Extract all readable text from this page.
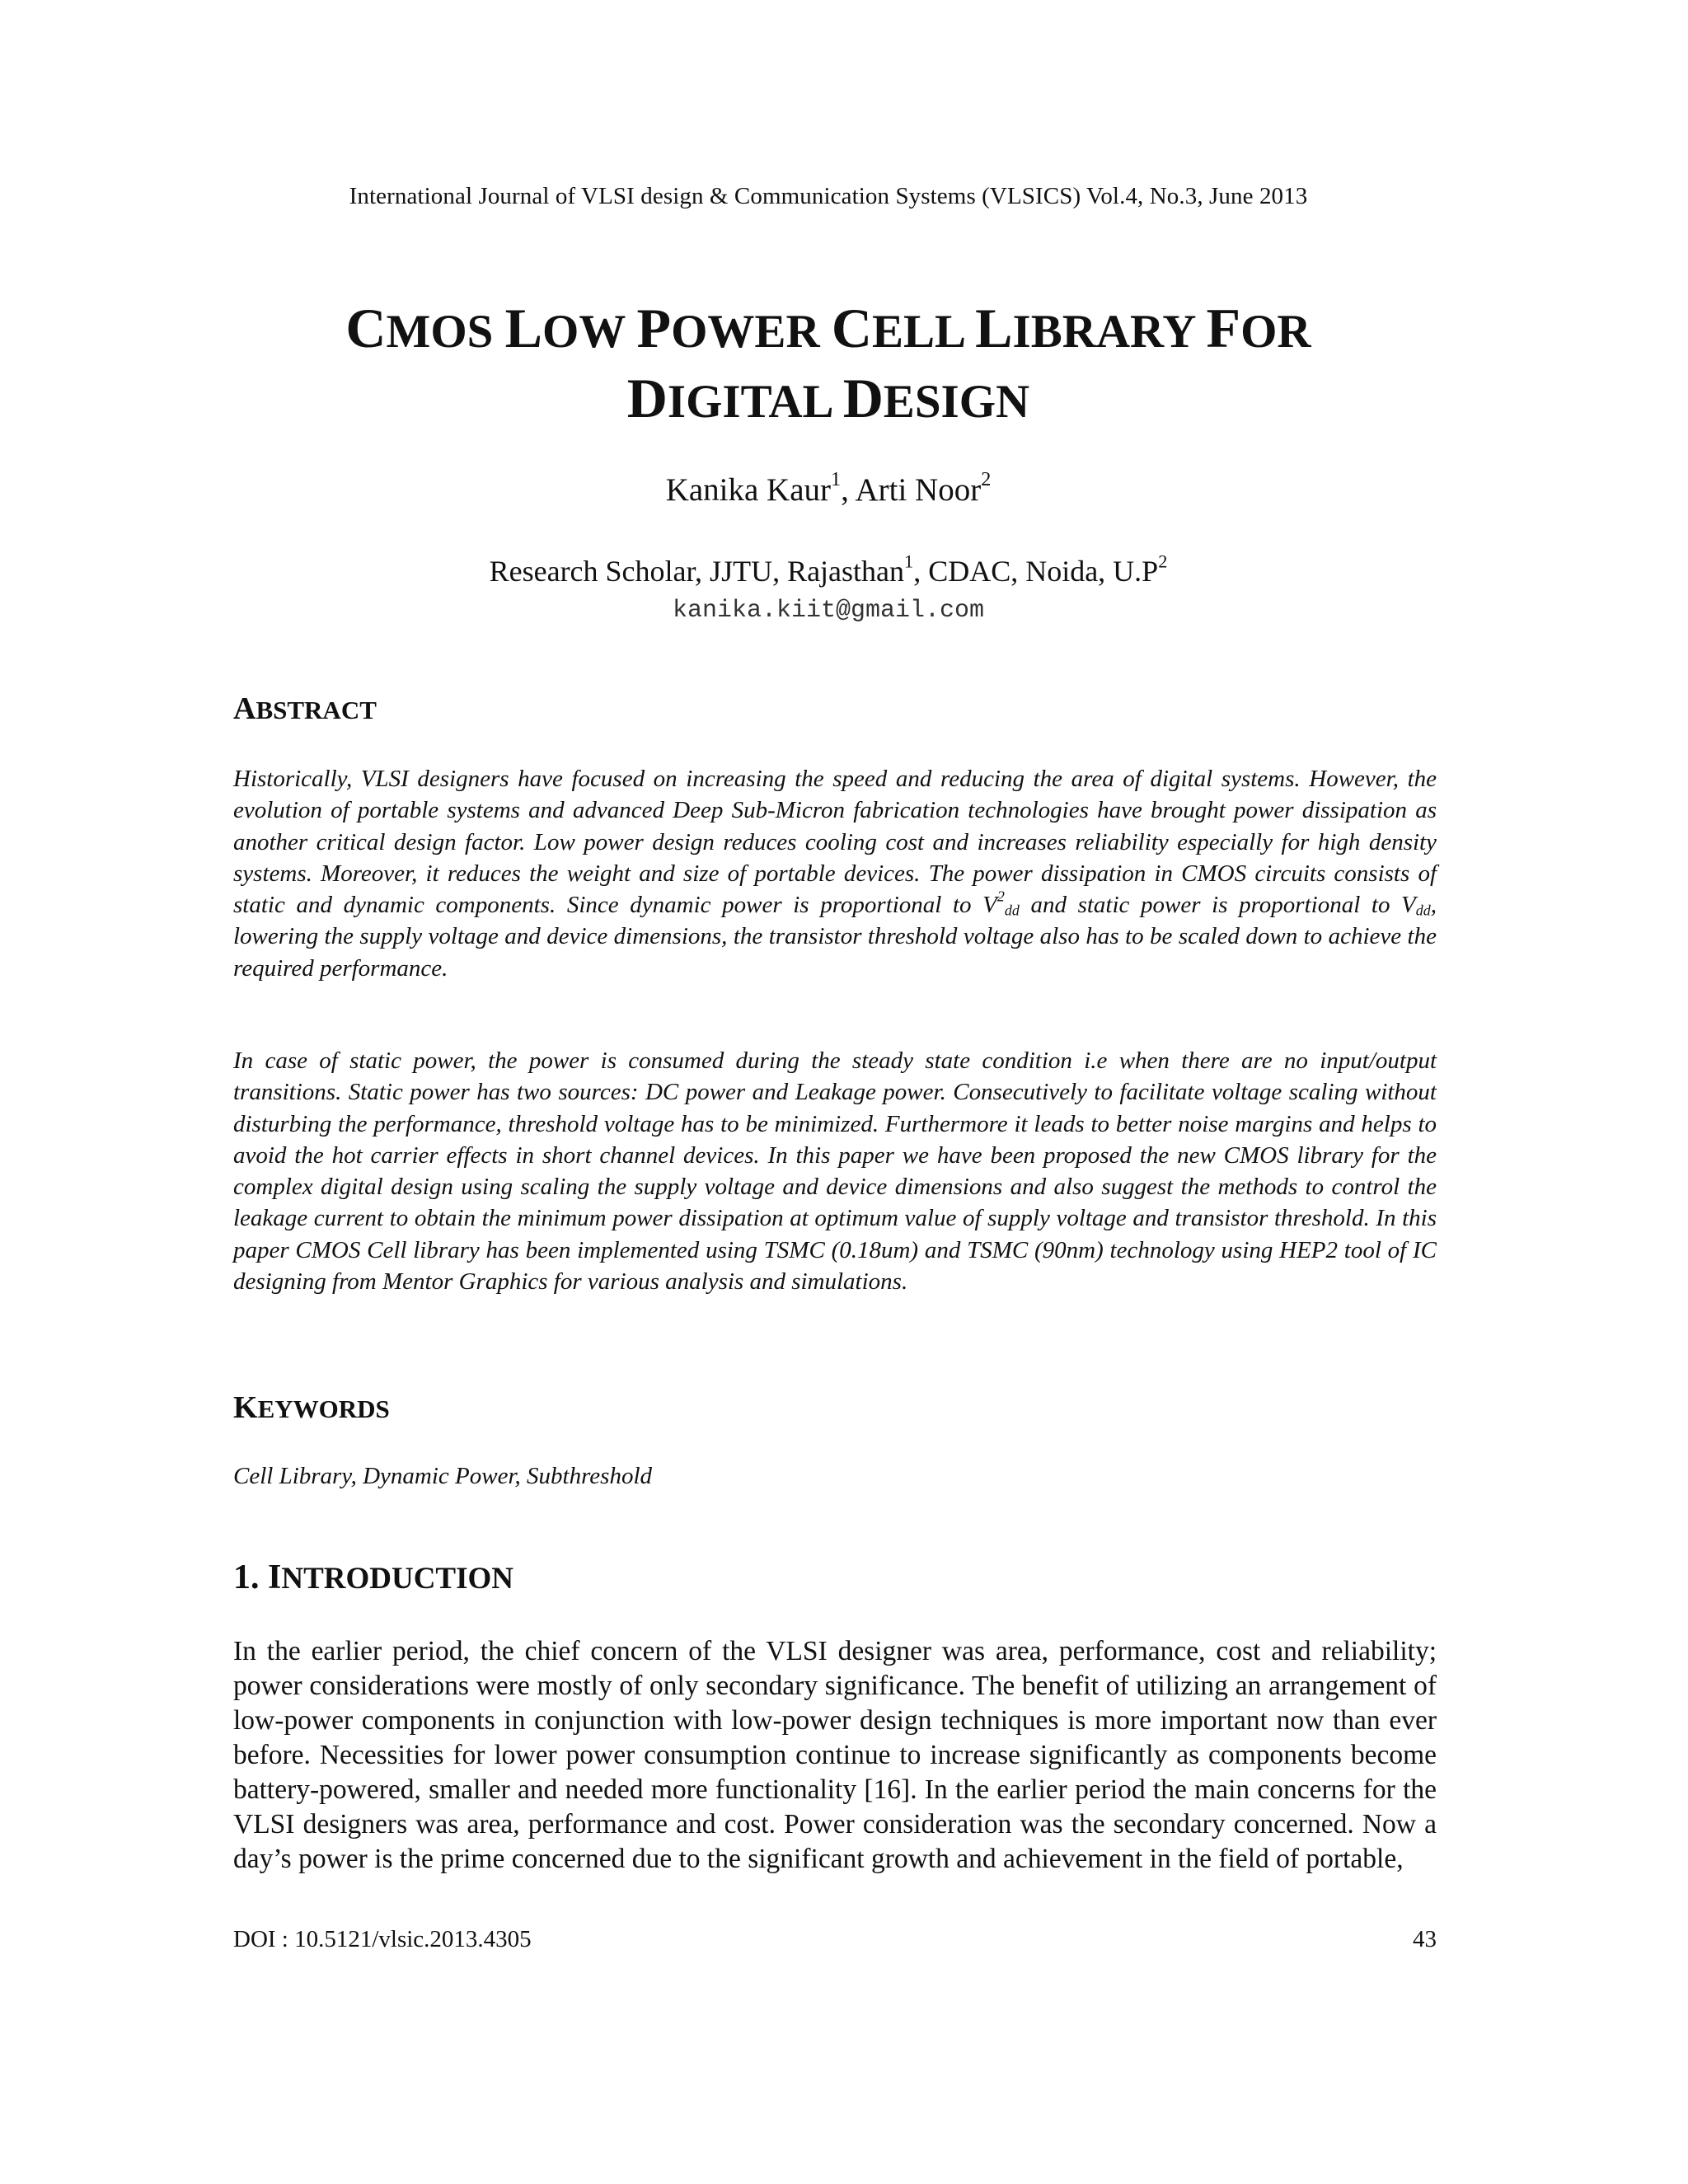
International Journal of VLSI design & Communication Systems (VLSICS) Vol.4, No.3, June 2013
CMOS LOW POWER CELL LIBRARY FOR
DIGITAL DESIGN
Kanika Kaur$^1$, Arti Noor$^2$
Research Scholar, JJTU, Rajasthan$^1$, CDAC, Noida, $U.P^2$
kanika.kiit@gmail.com
ABSTRACT
Historically, VLSI designers have focused on increasing the speed and reducing the area of digital systems. However, the evolution of portable systems and advanced Deep Sub-Micron fabrication technologies have brought power dissipation as another critical design factor. Low power design reduces cooling cost and increases reliability especially for high density systems. Moreover, it reduces the weight and size of portable devices. The power dissipation in CMOS circuits consists of static and dynamic components. Since dynamic power is proportional to $V^2_{dd}$ and static power is proportional to $V_{dd}$, lowering the supply voltage and device dimensions, the transistor threshold voltage also has to be scaled down to achieve the required performance.
In case of static power, the power is consumed during the steady state condition i.e when there are no input/output transitions. Static power has two sources: DC power and Leakage power. Consecutively to facilitate voltage scaling without disturbing the performance, threshold voltage has to be minimized. Furthermore it leads to better noise margins and helps to avoid the hot carrier effects in short channel devices. In this paper we have been proposed the new CMOS library for the complex digital design using scaling the supply voltage and device dimensions and also suggest the methods to control the leakage current to obtain the minimum power dissipation at optimum value of supply voltage and transistor threshold. In this paper CMOS Cell library has been implemented using TSMC (0.18um) and TSMC (90nm) technology using HEP2 tool of IC designing from Mentor Graphics for various analysis and simulations.
KEYWORDS
Cell Library, Dynamic Power, Subthreshold
1. INTRODUCTION
In the earlier period, the chief concern of the VLSI designer was area, performance, cost and reliability; power considerations were mostly of only secondary significance. The benefit of utilizing an arrangement of low-power components in conjunction with low-power design techniques is more important now than ever before. Necessities for lower power consumption continue to increase significantly as components become battery-powered, smaller and needed more functionality [16]. In the earlier period the main concerns for the VLSI designers was area, performance and cost. Power consideration was the secondary concerned. Now a day’s power is the prime concerned due to the significant growth and achievement in the field of portable,
DOI : 10.5121/vlsic.2013.4305	43
